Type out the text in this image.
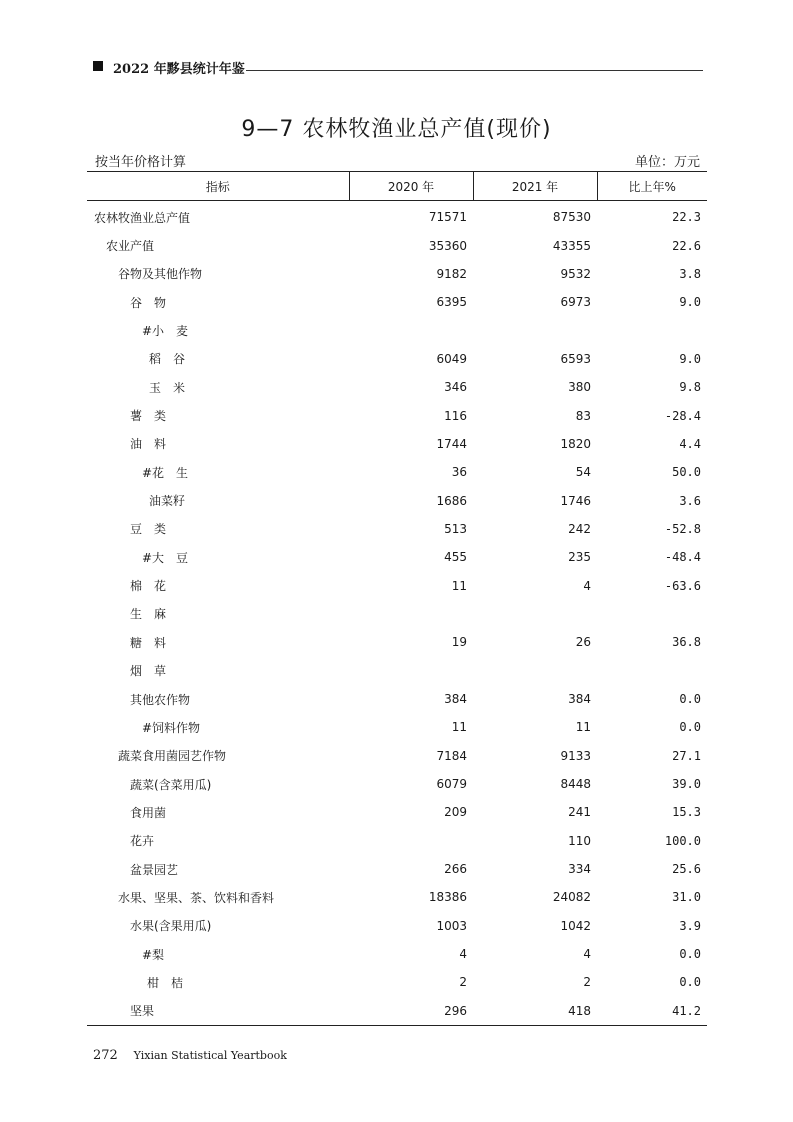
2022 年黟县统计年鉴
9—7 农林牧渔业总产值(现价)
按当年价格计算	单位：万元
指标	2020 年	2021 年	比上年%
农林牧渔业总产值	71571	87530	22.3
农业产值	35360	43355	22.6
谷物及其他作物	9182	9532	3.8
谷　物	6395	6973	9.0
#小　麦			
稻　谷	6049	6593	9.0
玉　米	346	380	9.8
薯　类	116	83	-28.4
油　料	1744	1820	4.4
#花　生	36	54	50.0
油菜籽	1686	1746	3.6
豆　类	513	242	-52.8
#大　豆	455	235	-48.4
棉　花	11	4	-63.6
生　麻			
糖　料	19	26	36.8
烟　草			
其他农作物	384	384	0.0
#饲料作物	11	11	0.0
蔬菜食用菌园艺作物	7184	9133	27.1
蔬菜(含菜用瓜)	6079	8448	39.0
食用菌	209	241	15.3
花卉		110	100.0
盆景园艺	266	334	25.6
水果、坚果、茶、饮料和香料	18386	24082	31.0
水果(含果用瓜)	1003	1042	3.9
#梨	4	4	0.0
柑　桔	2	2	0.0
坚果	296	418	41.2
272 Yixian Statistical Yeartbook
